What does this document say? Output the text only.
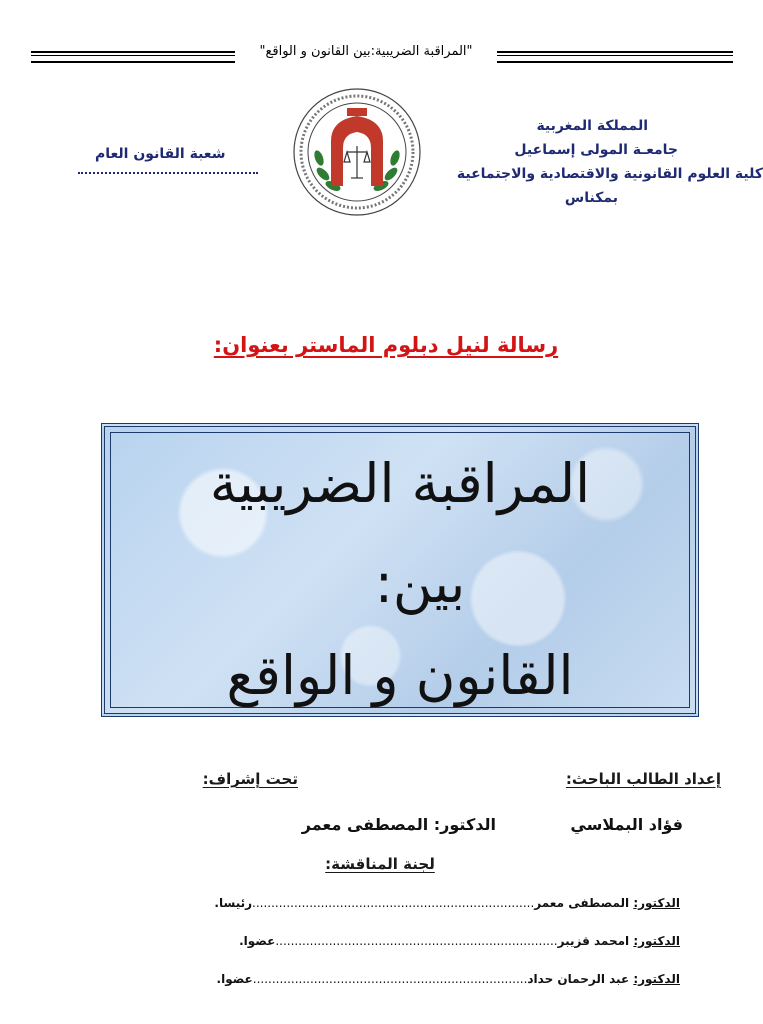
"المراقبة الضريبية:بين القانون و الواقع"
المملكة المغربية
جامعـة المولى إسماعيل
كلية العلوم القانونية والاقتصادية والاجتماعية
بمكناس
شعبة القانون العام
رسالة لنيل دبلوم الماستر بعنوان:
المراقبة الضريبية
بين:
القانون و الواقع
إعداد الطالب الباحث:
تحت إشراف:
فؤاد البملاسي
الدكتور: المصطفى معمر
لجنة المناقشة:
الدكتور: المصطفى معمر..........................................................................رئيسا.
الدكتور: امحمد قزيبر..........................................................................عضوا.
الدكتور: عبد الرحمان حداد........................................................................عضوا.
